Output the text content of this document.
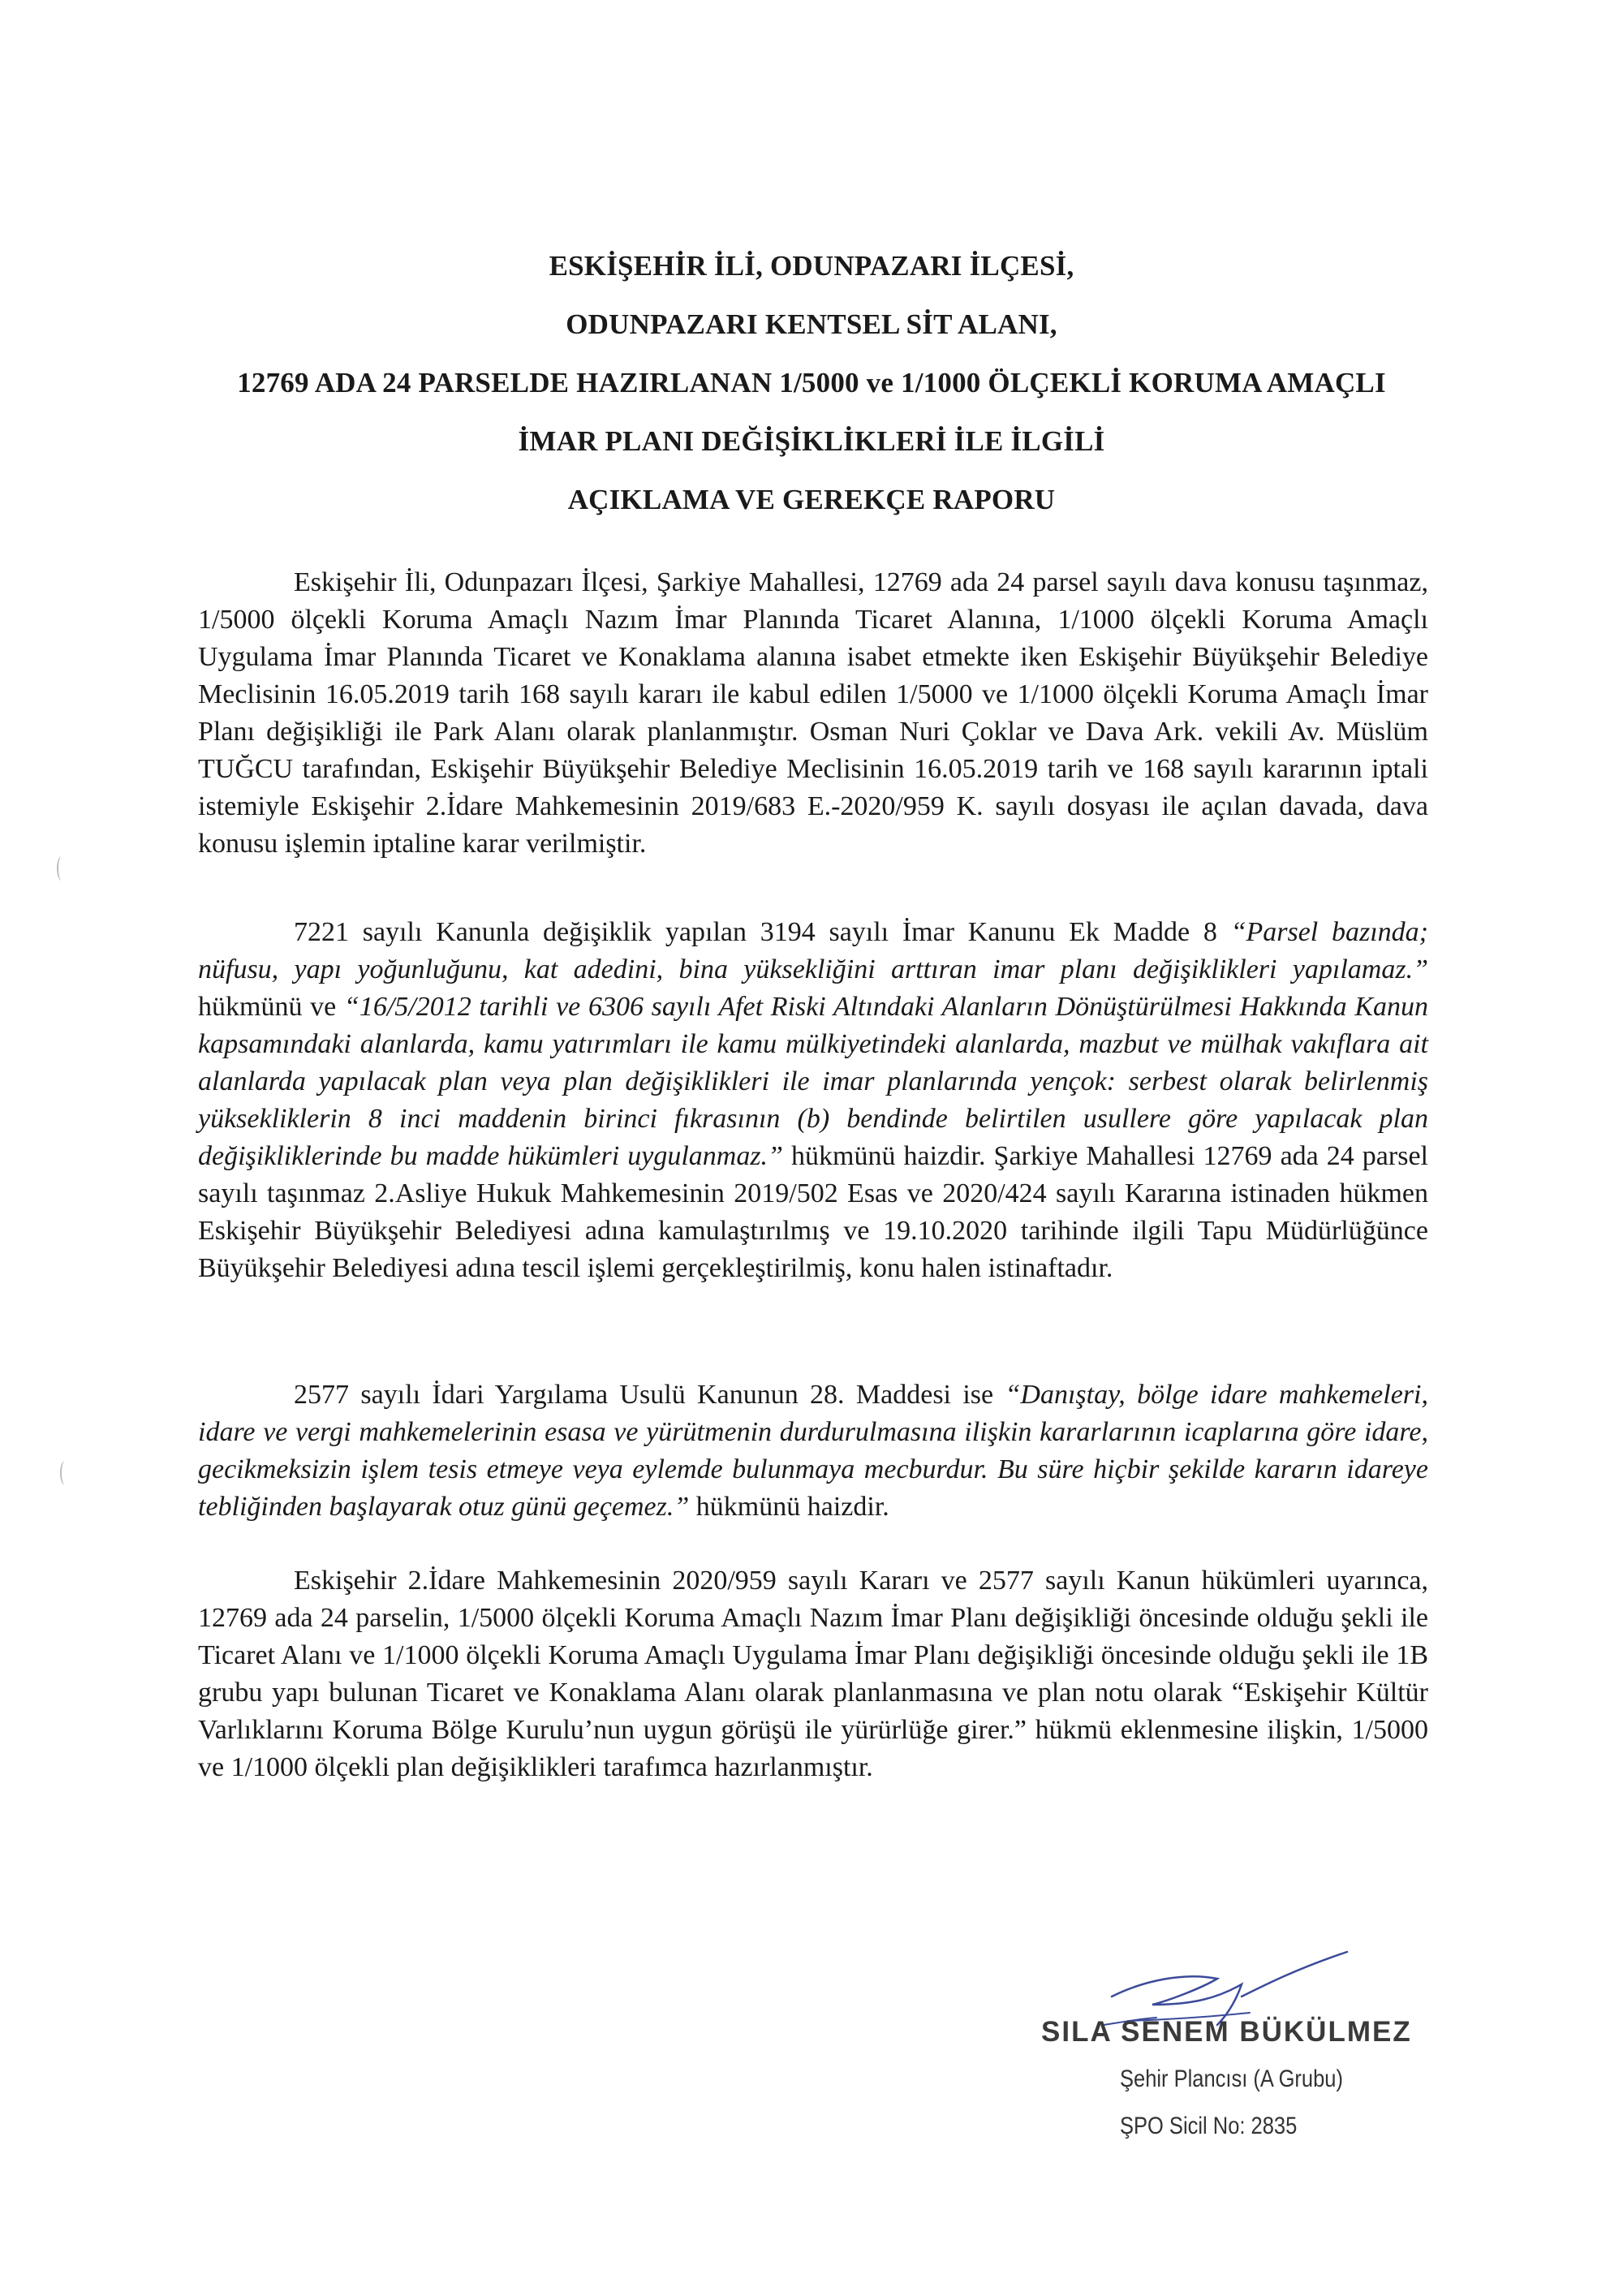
ESKİŞEHİR İLİ, ODUNPAZARI İLÇESİ,
ODUNPAZARI KENTSEL SİT ALANI,
12769 ADA 24 PARSELDE HAZIRLANAN 1/5000 ve 1/1000 ÖLÇEKLİ KORUMA AMAÇLI
İMAR PLANI DEĞİŞİKLİKLERİ İLE İLGİLİ
AÇIKLAMA VE GEREKÇE RAPORU

Eskişehir İli, Odunpazarı İlçesi, Şarkiye Mahallesi, 12769 ada 24 parsel sayılı dava konusu taşınmaz, 1/5000 ölçekli Koruma Amaçlı Nazım İmar Planında Ticaret Alanına, 1/1000 ölçekli Koruma Amaçlı Uygulama İmar Planında Ticaret ve Konaklama alanına isabet etmekte iken Eskişehir Büyükşehir Belediye Meclisinin 16.05.2019 tarih 168 sayılı kararı ile kabul edilen 1/5000 ve 1/1000 ölçekli Koruma Amaçlı İmar Planı değişikliği ile Park Alanı olarak planlanmıştır. Osman Nuri Çoklar ve Dava Ark. vekili Av. Müslüm TUĞCU tarafından, Eskişehir Büyükşehir Belediye Meclisinin 16.05.2019 tarih ve 168 sayılı kararının iptali istemiyle Eskişehir 2.İdare Mahkemesinin 2019/683 E.-2020/959 K. sayılı dosyası ile açılan davada, dava konusu işlemin iptaline karar verilmiştir.

7221 sayılı Kanunla değişiklik yapılan 3194 sayılı İmar Kanunu Ek Madde 8 “Parsel bazında; nüfusu, yapı yoğunluğunu, kat adedini, bina yüksekliğini arttıran imar planı değişiklikleri yapılamaz.” hükmünü ve “16/5/2012 tarihli ve 6306 sayılı Afet Riski Altındaki Alanların Dönüştürülmesi Hakkında Kanun kapsamındaki alanlarda, kamu yatırımları ile kamu mülkiyetindeki alanlarda, mazbut ve mülhak vakıflara ait alanlarda yapılacak plan veya plan değişiklikleri ile imar planlarında yençok: serbest olarak belirlenmiş yüksekliklerin 8 inci maddenin birinci fıkrasının (b) bendinde belirtilen usullere göre yapılacak plan değişikliklerinde bu madde hükümleri uygulanmaz.” hükmünü haizdir. Şarkiye Mahallesi 12769 ada 24 parsel sayılı taşınmaz 2.Asliye Hukuk Mahkemesinin 2019/502 Esas ve 2020/424 sayılı Kararına istinaden hükmen Eskişehir Büyükşehir Belediyesi adına kamulaştırılmış ve 19.10.2020 tarihinde ilgili Tapu Müdürlüğünce Büyükşehir Belediyesi adına tescil işlemi gerçekleştirilmiş, konu halen istinaftadır.

2577 sayılı İdari Yargılama Usulü Kanunun 28. Maddesi ise “Danıştay, bölge idare mahkemeleri, idare ve vergi mahkemelerinin esasa ve yürütmenin durdurulmasına ilişkin kararlarının icaplarına göre idare, gecikmeksizin işlem tesis etmeye veya eylemde bulunmaya mecburdur. Bu süre hiçbir şekilde kararın idareye tebliğinden başlayarak otuz günü geçemez.” hükmünü haizdir.

Eskişehir 2.İdare Mahkemesinin 2020/959 sayılı Kararı ve 2577 sayılı Kanun hükümleri uyarınca, 12769 ada 24 parselin, 1/5000 ölçekli Koruma Amaçlı Nazım İmar Planı değişikliği öncesinde olduğu şekli ile Ticaret Alanı ve 1/1000 ölçekli Koruma Amaçlı Uygulama İmar Planı değişikliği öncesinde olduğu şekli ile 1B grubu yapı bulunan Ticaret ve Konaklama Alanı olarak planlanmasına ve plan notu olarak “Eskişehir Kültür Varlıklarını Koruma Bölge Kurulu’nun uygun görüşü ile yürürlüğe girer.” hükmü eklenmesine ilişkin, 1/5000 ve 1/1000 ölçekli plan değişiklikleri tarafımca hazırlanmıştır.

SILA SENEM BÜKÜLMEZ
Şehir Plancısı (A Grubu)
ŞPO Sicil No: 2835
